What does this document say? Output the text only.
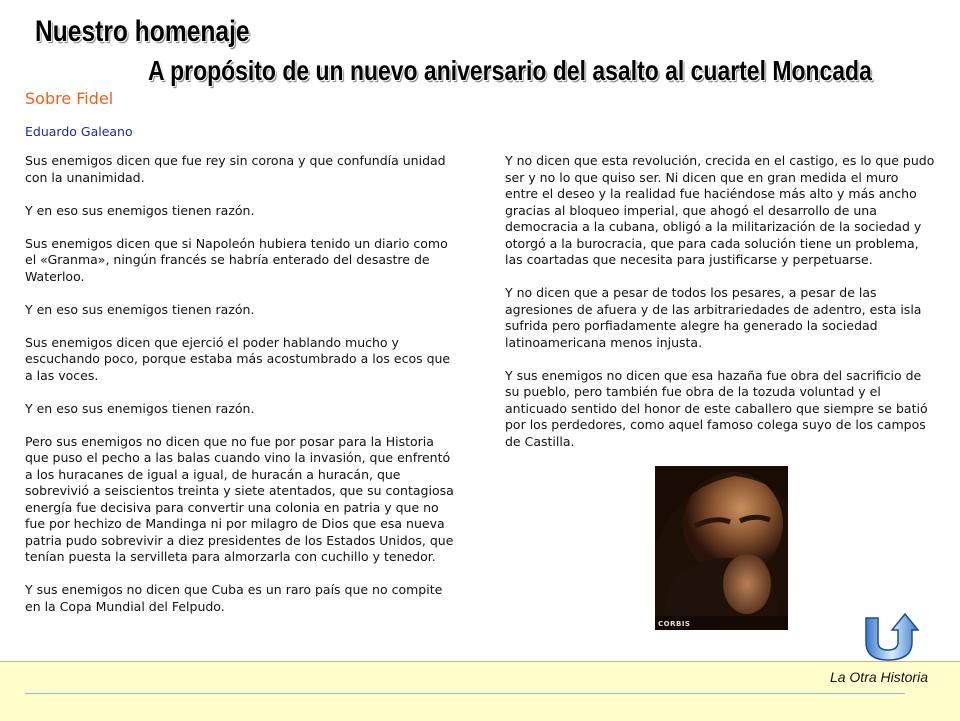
Nuestro homenaje
A propósito de un nuevo aniversario del asalto al cuartel Moncada
Sobre Fidel
Eduardo Galeano

Sus enemigos dicen que fue rey sin corona y que confundía unidad con la unanimidad.

Y en eso sus enemigos tienen razón.

Sus enemigos dicen que si Napoleón hubiera tenido un diario como el «Granma», ningún francés se habría enterado del desastre de Waterloo.

Y en eso sus enemigos tienen razón.

Sus enemigos dicen que ejerció el poder hablando mucho y escuchando poco, porque estaba más acostumbrado a los ecos que a las voces.

Y en eso sus enemigos tienen razón.

Pero sus enemigos no dicen que no fue por posar para la Historia que puso el pecho a las balas cuando vino la invasión, que enfrentó a los huracanes de igual a igual, de huracán a huracán, que sobrevivió a seiscientos treinta y siete atentados, que su contagiosa energía fue decisiva para convertir una colonia en patria y que no fue por hechizo de Mandinga ni por milagro de Dios que esa nueva patria pudo sobrevivir a diez presidentes de los Estados Unidos, que tenían puesta la servilleta para almorzarla con cuchillo y tenedor.

Y sus enemigos no dicen que Cuba es un raro país que no compite en la Copa Mundial del Felpudo.

Y no dicen que esta revolución, crecida en el castigo, es lo que pudo ser y no lo que quiso ser. Ni dicen que en gran medida el muro entre el deseo y la realidad fue haciéndose más alto y más ancho gracias al bloqueo imperial, que ahogó el desarrollo de una democracia a la cubana, obligó a la militarización de la sociedad y otorgó a la burocracia, que para cada solución tiene un problema, las coartadas que necesita para justificarse y perpetuarse.

Y no dicen que a pesar de todos los pesares, a pesar de las agresiones de afuera y de las arbitrariedades de adentro, esta isla sufrida pero porfiadamente alegre ha generado la sociedad latinoamericana menos injusta.

Y sus enemigos no dicen que esa hazaña fue obra del sacrificio de su pueblo, pero también fue obra de la tozuda voluntad y el anticuado sentido del honor de este caballero que siempre se batió por los perdedores, como aquel famoso colega suyo de los campos de Castilla.

CORBIS
La Otra Historia
